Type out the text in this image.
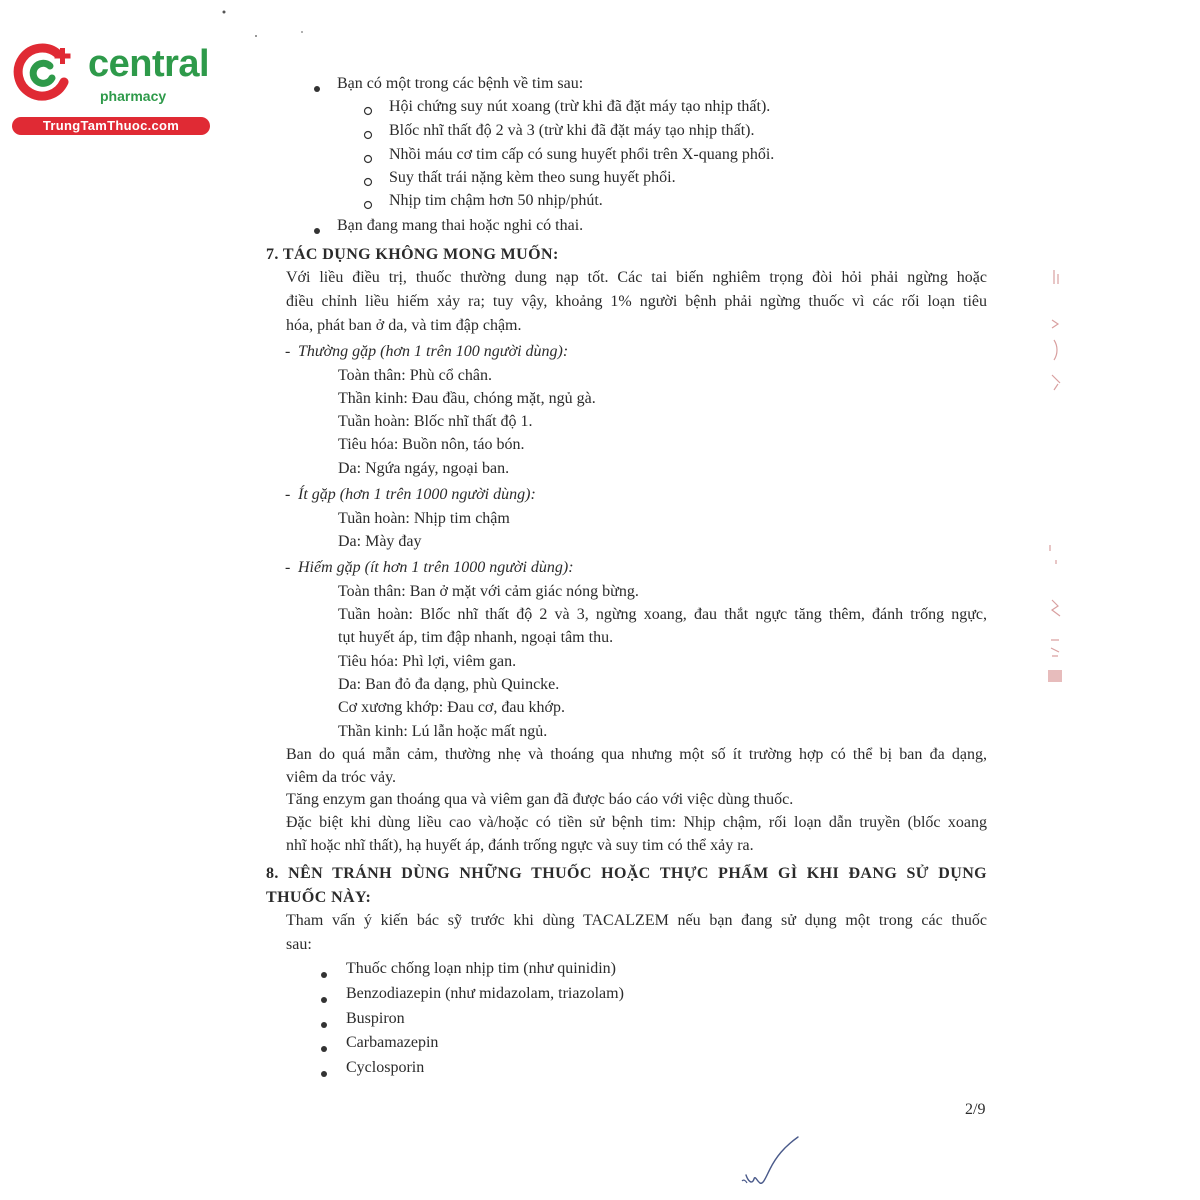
central
pharmacy
TrungTamThuoc.com
Bạn có một trong các bệnh về tim sau:
Hội chứng suy nút xoang (trừ khi đã đặt máy tạo nhịp thất).
Blốc nhĩ thất độ 2 và 3 (trừ khi đã đặt máy tạo nhịp thất).
Nhồi máu cơ tim cấp có sung huyết phổi trên X-quang phổi.
Suy thất trái nặng kèm theo sung huyết phổi.
Nhịp tim chậm hơn 50 nhịp/phút.
Bạn đang mang thai hoặc nghi có thai.
7. TÁC DỤNG KHÔNG MONG MUỐN:
Với liều điều trị, thuốc thường dung nạp tốt. Các tai biến nghiêm trọng đòi hỏi phải ngừng hoặc
điều chỉnh liều hiếm xảy ra; tuy vậy, khoảng 1% người bệnh phải ngừng thuốc vì các rối loạn tiêu
hóa, phát ban ở da, và tim đập chậm.
- Thường gặp (hơn 1 trên 100 người dùng):
Toàn thân: Phù cổ chân.
Thần kinh: Đau đầu, chóng mặt, ngủ gà.
Tuần hoàn: Blốc nhĩ thất độ 1.
Tiêu hóa: Buồn nôn, táo bón.
Da: Ngứa ngáy, ngoại ban.
- Ít gặp (hơn 1 trên 1000 người dùng):
Tuần hoàn: Nhịp tim chậm
Da: Mày đay
- Hiếm gặp (ít hơn 1 trên 1000 người dùng):
Toàn thân: Ban ở mặt với cảm giác nóng bừng.
Tuần hoàn: Blốc nhĩ thất độ 2 và 3, ngừng xoang, đau thắt ngực tăng thêm, đánh trống ngực,
tụt huyết áp, tim đập nhanh, ngoại tâm thu.
Tiêu hóa: Phì lợi, viêm gan.
Da: Ban đỏ đa dạng, phù Quincke.
Cơ xương khớp: Đau cơ, đau khớp.
Thần kinh: Lú lẫn hoặc mất ngủ.
Ban do quá mẫn cảm, thường nhẹ và thoáng qua nhưng một số ít trường hợp có thể bị ban đa dạng,
viêm da tróc vảy.
Tăng enzym gan thoáng qua và viêm gan đã được báo cáo với việc dùng thuốc.
Đặc biệt khi dùng liều cao và/hoặc có tiền sử bệnh tim: Nhịp chậm, rối loạn dẫn truyền (blốc xoang
nhĩ hoặc nhĩ thất), hạ huyết áp, đánh trống ngực và suy tim có thể xảy ra.
8. NÊN TRÁNH DÙNG NHỮNG THUỐC HOẶC THỰC PHẨM GÌ KHI ĐANG SỬ DỤNG
THUỐC NÀY:
Tham vấn ý kiến bác sỹ trước khi dùng TACALZEM nếu bạn đang sử dụng một trong các thuốc
sau:
Thuốc chống loạn nhịp tim (như quinidin)
Benzodiazepin (như midazolam, triazolam)
Buspiron
Carbamazepin
Cyclosporin
2/9
